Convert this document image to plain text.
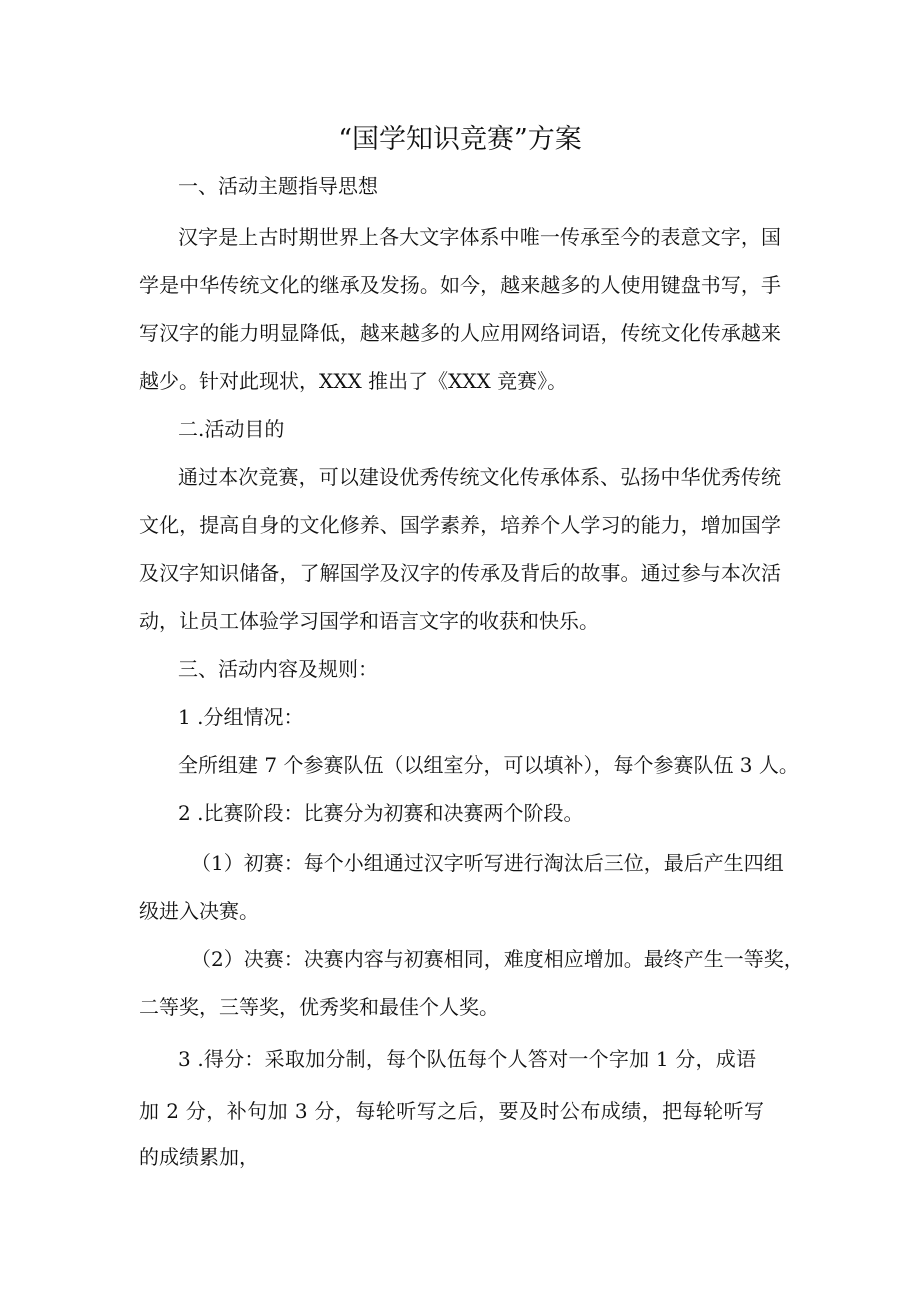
“国学知识竞赛”方案

一、活动主题指导思想

汉字是上古时期世界上各大文字体系中唯一传承至今的表意文字，国

学是中华传统文化的继承及发扬。如今，越来越多的人使用键盘书写，手

写汉字的能力明显降低，越来越多的人应用网络词语，传统文化传承越来

越少。针对此现状，XXX 推出了《XXX 竞赛》。

二.活动目的

通过本次竞赛，可以建设优秀传统文化传承体系、弘扬中华优秀传统

文化，提高自身的文化修养、国学素养，培养个人学习的能力，增加国学

及汉字知识储备，了解国学及汉字的传承及背后的故事。通过参与本次活

动，让员工体验学习国学和语言文字的收获和快乐。

三、活动内容及规则：

1 .分组情况：

全所组建 7 个参赛队伍（以组室分，可以填补），每个参赛队伍 3 人。

2 .比赛阶段：比赛分为初赛和决赛两个阶段。

（1）初赛：每个小组通过汉字听写进行淘汰后三位，最后产生四组

级进入决赛。

（2）决赛：决赛内容与初赛相同，难度相应增加。最终产生一等奖，

二等奖，三等奖，优秀奖和最佳个人奖。

3 .得分：采取加分制，每个队伍每个人答对一个字加 1 分，成语

加 2 分，补句加 3 分，每轮听写之后，要及时公布成绩，把每轮听写

的成绩累加，
